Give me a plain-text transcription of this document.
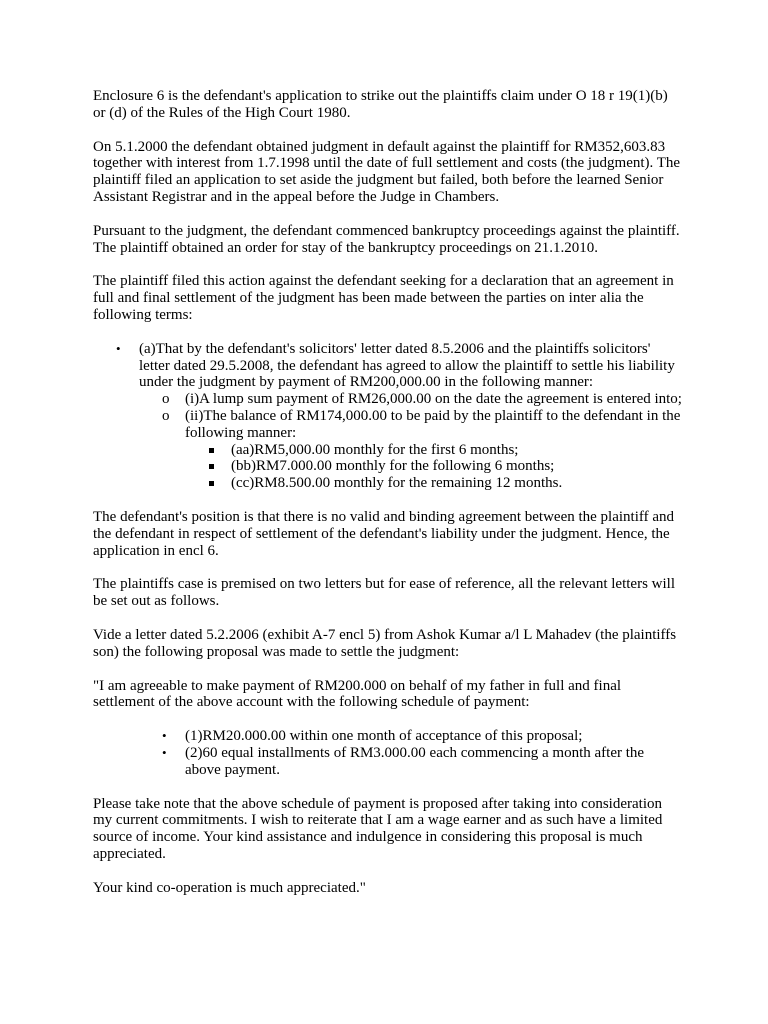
Enclosure 6 is the defendant's application to strike out the plaintiffs claim under O 18 r 19(1)(b) or (d) of the Rules of the High Court 1980.

On 5.1.2000 the defendant obtained judgment in default against the plaintiff for RM352,603.83 together with interest from 1.7.1998 until the date of full settlement and costs (the judgment). The plaintiff filed an application to set aside the judgment but failed, both before the learned Senior Assistant Registrar and in the appeal before the Judge in Chambers.

Pursuant to the judgment, the defendant commenced bankruptcy proceedings against the plaintiff. The plaintiff obtained an order for stay of the bankruptcy proceedings on 21.1.2010.

The plaintiff filed this action against the defendant seeking for a declaration that an agreement in full and final settlement of the judgment has been made between the parties on inter alia the following terms:

• (a)That by the defendant's solicitors' letter dated 8.5.2006 and the plaintiffs solicitors' letter dated 29.5.2008, the defendant has agreed to allow the plaintiff to settle his liability under the judgment by payment of RM200,000.00 in the following manner:
o (i)A lump sum payment of RM26,000.00 on the date the agreement is entered into;
o (ii)The balance of RM174,000.00 to be paid by the plaintiff to the defendant in the following manner:
(aa)RM5,000.00 monthly for the first 6 months;
(bb)RM7.000.00 monthly for the following 6 months;
(cc)RM8.500.00 monthly for the remaining 12 months.

The defendant's position is that there is no valid and binding agreement between the plaintiff and the defendant in respect of settlement of the defendant's liability under the judgment. Hence, the application in encl 6.

The plaintiffs case is premised on two letters but for ease of reference, all the relevant letters will be set out as follows.

Vide a letter dated 5.2.2006 (exhibit A-7 encl 5) from Ashok Kumar a/l L Mahadev (the plaintiffs son) the following proposal was made to settle the judgment:

"I am agreeable to make payment of RM200.000 on behalf of my father in full and final settlement of the above account with the following schedule of payment:

• (1)RM20.000.00 within one month of acceptance of this proposal;
• (2)60 equal installments of RM3.000.00 each commencing a month after the above payment.

Please take note that the above schedule of payment is proposed after taking into consideration my current commitments. I wish to reiterate that I am a wage earner and as such have a limited source of income. Your kind assistance and indulgence in considering this proposal is much appreciated.

Your kind co-operation is much appreciated."
